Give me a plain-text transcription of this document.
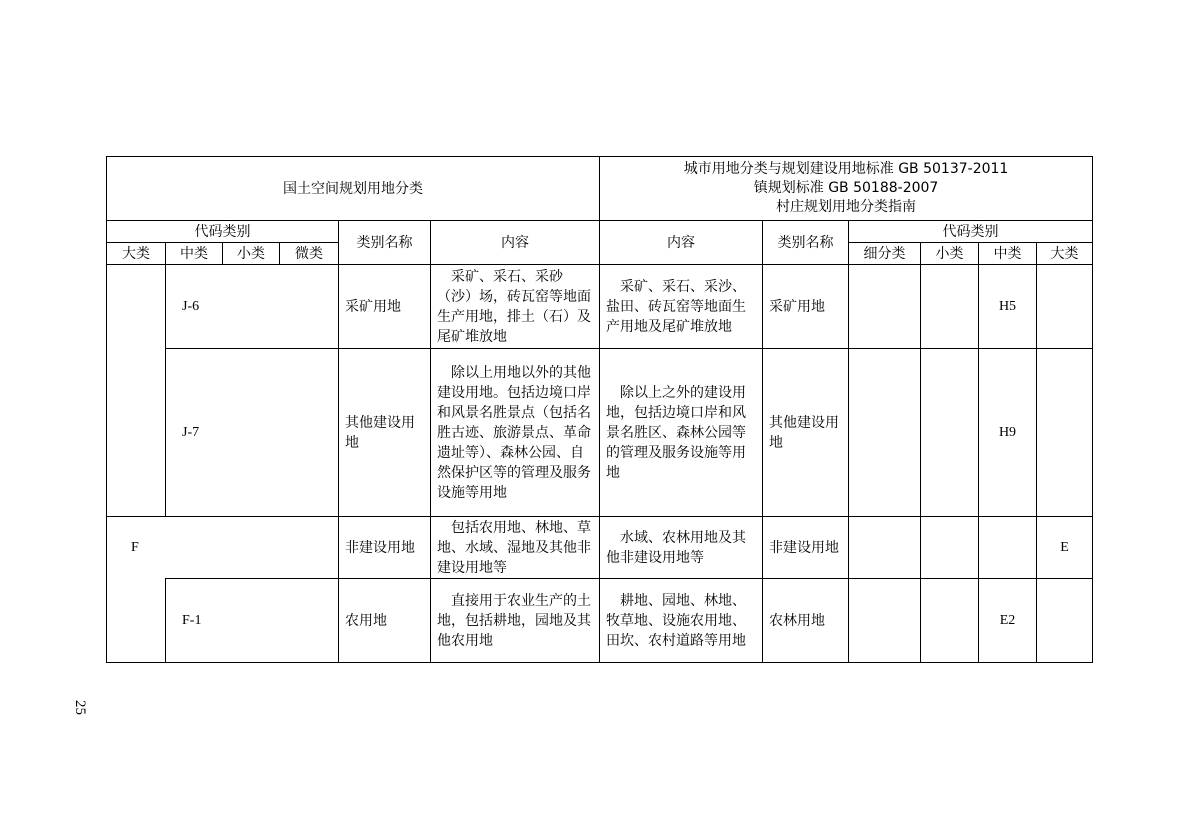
国土空间规划用地分类						城市用地分类与规划建设用地标准 GB 50137-2011
镇规划标准 GB 50188-2007
村庄规划用地分类指南					

代码类别				类别名称	内容	内容	类别名称	代码类别			
大类	中类	小类	微类					细分类	小类	中类	大类
	J-6			采矿用地	采矿、采石、采砂（沙）场，砖瓦窑等地面生产用地，排土（石）及尾矿堆放地	采矿、采石、采沙、盐田、砖瓦窑等地面生产用地及尾矿堆放地	采矿用地			H5	
	J-7			其他建设用地	除以上用地以外的其他建设用地。包括边境口岸和风景名胜景点（包括名胜古迹、旅游景点、革命遗址等）、森林公园、自然保护区等的管理及服务设施等用地	除以上之外的建设用地，包括边境口岸和风景名胜区、森林公园等的管理及服务设施等用地	其他建设用地			H9	
F				非建设用地	包括农用地、林地、草地、水域、湿地及其他非建设用地等	水域、农林用地及其他非建设用地等	非建设用地				E
	F-1			农用地	直接用于农业生产的土地，包括耕地，园地及其他农用地	耕地、园地、林地、牧草地、设施农用地、田坎、农村道路等用地	农林用地			E2	
25
